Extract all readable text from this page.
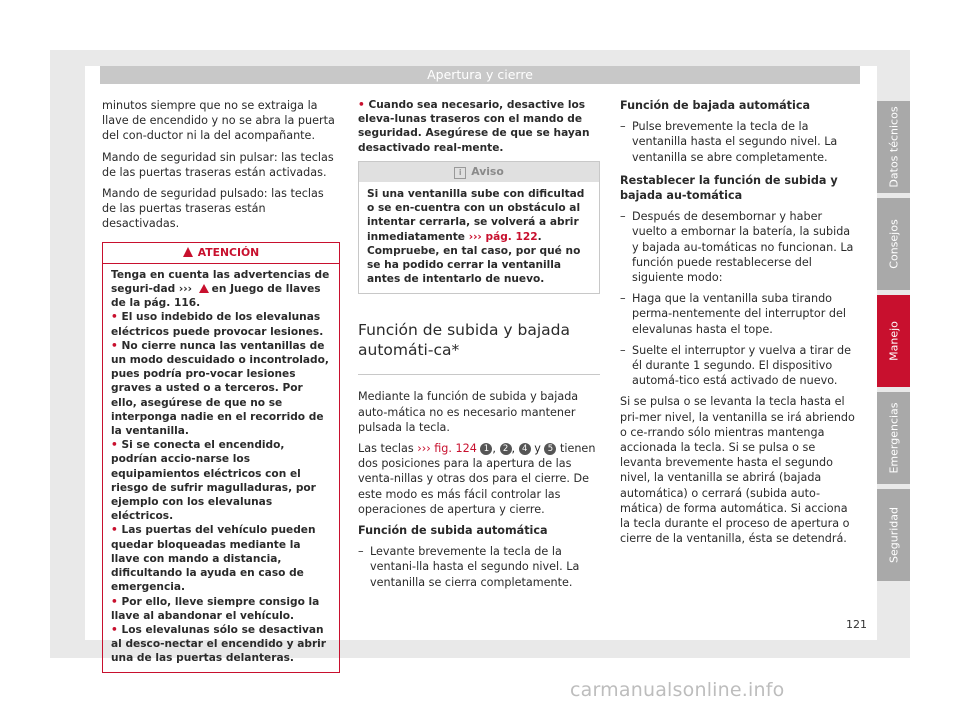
Apertura y cierre

minutos siempre que no se extraiga la llave de encendido y no se abra la puerta del con-ductor ni la del acompañante.

Mando de seguridad sin pulsar: las teclas de las puertas traseras están activadas.

Mando de seguridad pulsado: las teclas de las puertas traseras están desactivadas.

ATENCIÓN

Tenga en cuenta las advertencias de seguri-dad ››› en Juego de llaves de la pág. 116.

• El uso indebido de los elevalunas eléctricos puede provocar lesiones.

• No cierre nunca las ventanillas de un modo descuidado o incontrolado, pues podría pro-vocar lesiones graves a usted o a terceros. Por ello, asegúrese de que no se interponga nadie en el recorrido de la ventanilla.

• Si se conecta el encendido, podrían accio-narse los equipamientos eléctricos con el riesgo de sufrir magulladuras, por ejemplo con los elevalunas eléctricos.

• Las puertas del vehículo pueden quedar bloqueadas mediante la llave con mando a distancia, dificultando la ayuda en caso de emergencia.

• Por ello, lleve siempre consigo la llave al abandonar el vehículo.

• Los elevalunas sólo se desactivan al desco-nectar el encendido y abrir una de las puertas delanteras.

• Cuando sea necesario, desactive los eleva-lunas traseros con el mando de seguridad. Asegúrese de que se hayan desactivado real-mente.

i Aviso
Si una ventanilla sube con dificultad o se en-cuentra con un obstáculo al intentar cerrarla, se volverá a abrir inmediatamente ››› pág. 122. Compruebe, en tal caso, por qué no se ha podido cerrar la ventanilla antes de intentarlo de nuevo.
Función de subida y bajada automáti-ca*

Mediante la función de subida y bajada auto-mática no es necesario mantener pulsada la tecla.

Las teclas ››› fig. 124 1 , 2 , 4 y 5 tienen dos posiciones para la apertura de las venta-nillas y otras dos para el cierre. De este modo es más fácil controlar las operaciones de apertura y cierre.

Función de subida automática

– Levante brevemente la tecla de la ventani-lla hasta el segundo nivel. La ventanilla se cierra completamente.

Función de bajada automática

– Pulse brevemente la tecla de la ventanilla hasta el segundo nivel. La ventanilla se abre completamente.

Restablecer la función de subida y bajada au-tomática

– Después de desembornar y haber vuelto a embornar la batería, la subida y bajada au-tomáticas no funcionan. La función puede restablecerse del siguiente modo:

– Haga que la ventanilla suba tirando perma-nentemente del interruptor del elevalunas hasta el tope.

– Suelte el interruptor y vuelva a tirar de él durante 1 segundo. El dispositivo automá-tico está activado de nuevo.

Si se pulsa o se levanta la tecla hasta el pri-mer nivel, la ventanilla se irá abriendo o ce-rrando sólo mientras mantenga accionada la tecla. Si se pulsa o se levanta brevemente hasta el segundo nivel, la ventanilla se abrirá (bajada automática) o cerrará (subida auto-mática) de forma automática. Si acciona la tecla durante el proceso de apertura o cierre de la ventanilla, ésta se detendrá.

Datos técnicos
Consejos
Manejo
Emergencias
Seguridad
121
carmanualsonline.info
